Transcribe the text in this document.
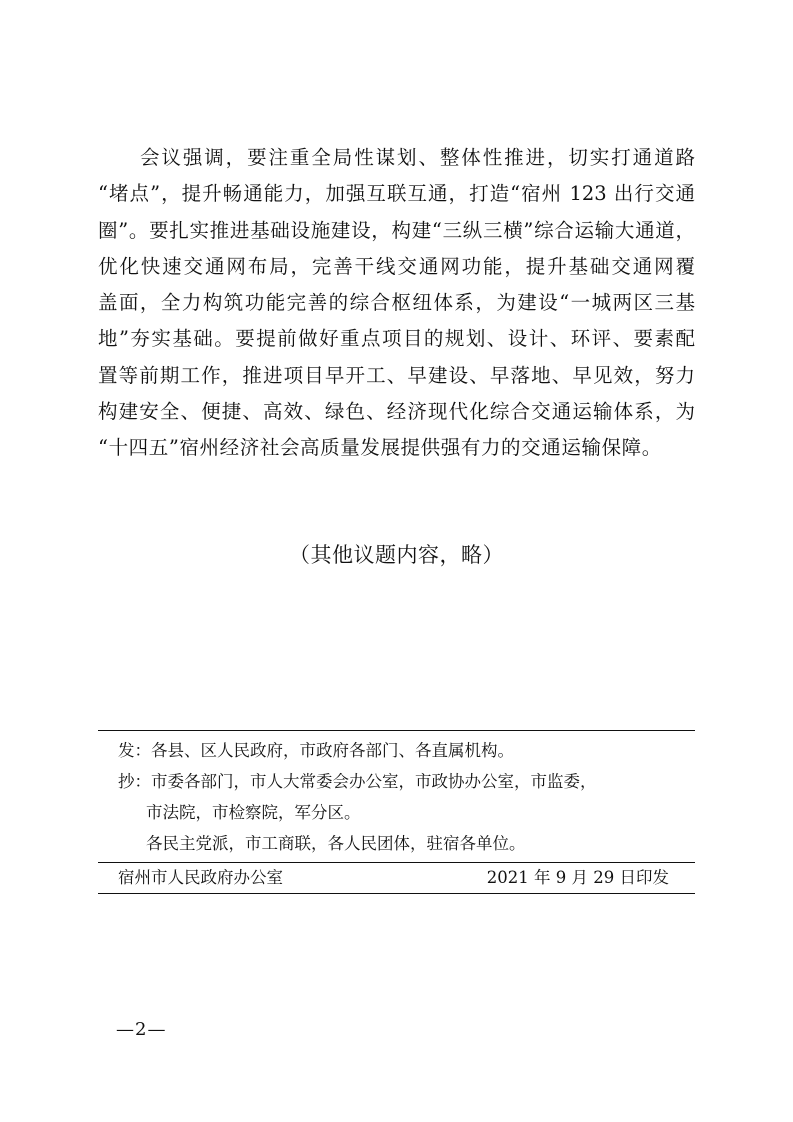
会议强调，要注重全局性谋划、整体性推进，切实打通道路
“堵点”，提升畅通能力，加强互联互通，打造“宿州 123 出行交通
圈”。要扎实推进基础设施建设，构建“三纵三横”综合运输大通道，
优化快速交通网布局，完善干线交通网功能，提升基础交通网覆
盖面，全力构筑功能完善的综合枢纽体系，为建设“一城两区三基
地”夯实基础。要提前做好重点项目的规划、设计、环评、要素配
置等前期工作，推进项目早开工、早建设、早落地、早见效，努力
构建安全、便捷、高效、绿色、经济现代化综合交通运输体系，为
“十四五”宿州经济社会高质量发展提供强有力的交通运输保障。
（其他议题内容，略）
发：各县、区人民政府，市政府各部门、各直属机构。
抄：市委各部门，市人大常委会办公室，市政协办公室，市监委，
市法院，市检察院，军分区。
各民主党派，市工商联，各人民团体，驻宿各单位。
宿州市人民政府办公室	2021 年 9 月 29 日印发
—2—
